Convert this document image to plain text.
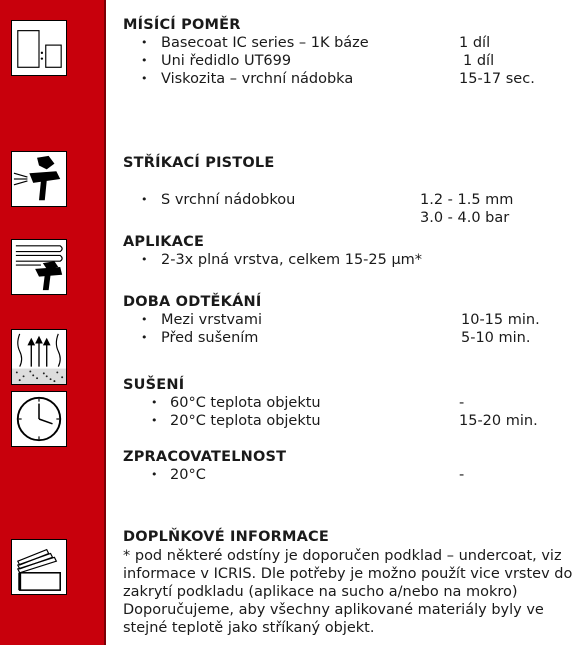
MÍSÍCÍ POMĚR
• Basecoat IC series – 1K báze	1 díl
• Uni ředidlo UT699	1 díl
• Viskozita – vrchní nádobka	15-17 sec.
STŘÍKACÍ PISTOLE
• S vrchní nádobkou	1.2 - 1.5 mm
3.0 - 4.0 bar
APLIKACE
• 2-3x plná vrstva, celkem 15-25 μm*
DOBA ODTĚKÁNÍ
• Mezi vrstvami	10-15 min.
• Před sušením	5-10 min.
SUŠENÍ
• 60°C teplota objektu	-
• 20°C teplota objektu	15-20 min.
ZPRACOVATELNOST
• 20°C	-
DOPLŇKOVÉ INFORMACE

* pod některé odstíny je doporučen podklad – undercoat, viz informace v ICRIS. Dle potřeby je možno použít vice vrstev do zakrytí podkladu (aplikace na sucho a/nebo na mokro) Doporučujeme, aby všechny aplikované materiály byly ve stejné teplotě jako stříkaný objekt.
